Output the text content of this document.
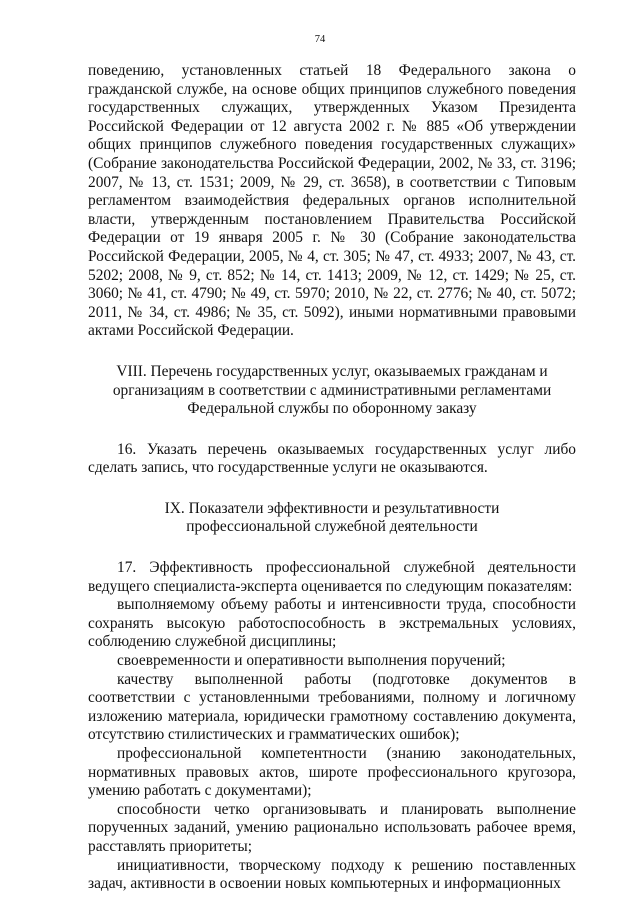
74

поведению, установленных статьей 18 Федерального закона о гражданской службе, на основе общих принципов служебного поведения государственных служащих, утвержденных Указом Президента Российской Федерации от 12 августа 2002 г. № 885 «Об утверждении общих принципов служебного поведения государственных служащих» (Собрание законодательства Российской Федерации, 2002, № 33, ст. 3196; 2007, № 13, ст. 1531; 2009, № 29, ст. 3658), в соответствии с Типовым регламентом взаимодействия федеральных органов исполнительной власти, утвержденным постановлением Правительства Российской Федерации от 19 января 2005 г. № 30 (Собрание законодательства Российской Федерации, 2005, № 4, ст. 305; № 47, ст. 4933; 2007, № 43, ст. 5202; 2008, № 9, ст. 852; № 14, ст. 1413; 2009, № 12, ст. 1429; № 25, ст. 3060; № 41, ст. 4790; № 49, ст. 5970; 2010, № 22, ст. 2776; № 40, ст. 5072; 2011, № 34, ст. 4986; № 35, ст. 5092), иными нормативными правовыми актами Российской Федерации.

VIII. Перечень государственных услуг, оказываемых гражданам и
организациям в соответствии с административными регламентами
Федеральной службы по оборонному заказу

16. Указать перечень оказываемых государственных услуг либо сделать запись, что государственные услуги не оказываются.

IX. Показатели эффективности и результативности
профессиональной служебной деятельности

17. Эффективность профессиональной служебной деятельности ведущего специалиста-эксперта оценивается по следующим показателям:

выполняемому объему работы и интенсивности труда, способности сохранять высокую работоспособность в экстремальных условиях, соблюдению служебной дисциплины;

своевременности и оперативности выполнения поручений;

качеству выполненной работы (подготовке документов в соответствии с установленными требованиями, полному и логичному изложению материала, юридически грамотному составлению документа, отсутствию стилистических и грамматических ошибок);

профессиональной компетентности (знанию законодательных, нормативных правовых актов, широте профессионального кругозора, умению работать с документами);

способности четко организовывать и планировать выполнение порученных заданий, умению рационально использовать рабочее время, расставлять приоритеты;

инициативности, творческому подходу к решению поставленных задач, активности в освоении новых компьютерных и информационных
